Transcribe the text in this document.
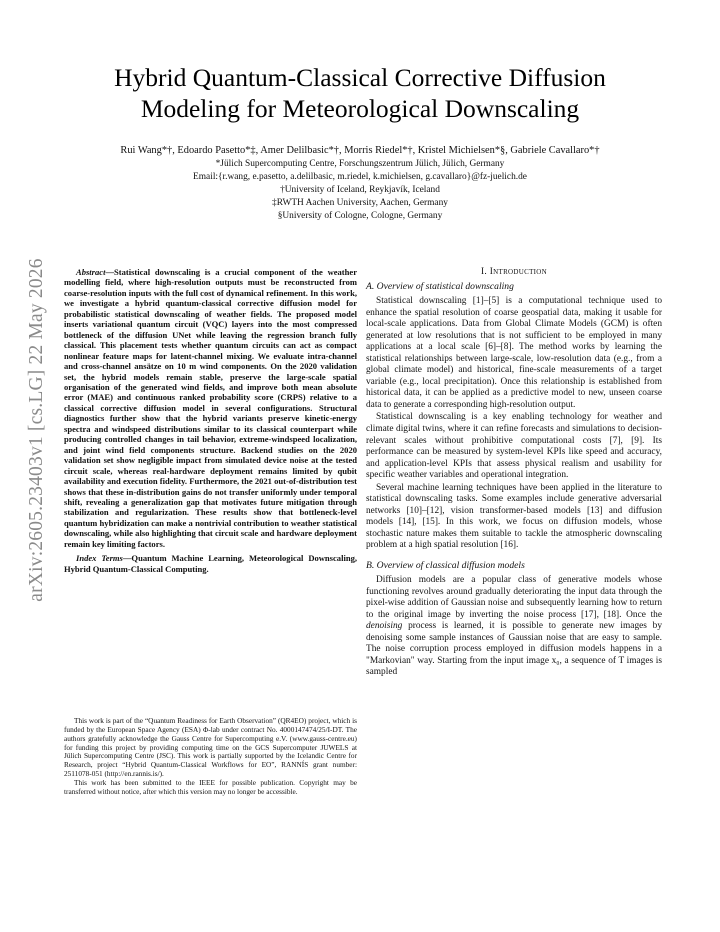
Hybrid Quantum-Classical Corrective Diffusion
Modeling for Meteorological Downscaling
Rui Wang*†, Edoardo Pasetto*‡, Amer Delilbasic*†, Morris Riedel*†, Kristel Michielsen*§, Gabriele Cavallaro*†
*Jülich Supercomputing Centre, Forschungszentrum Jülich, Jülich, Germany
Email:{r.wang, e.pasetto, a.delilbasic, m.riedel, k.michielsen, g.cavallaro}@fz-juelich.de
†University of Iceland, Reykjavík, Iceland
‡RWTH Aachen University, Aachen, Germany
§University of Cologne, Cologne, Germany
arXiv:2605.23403v1 [cs.LG] 22 May 2026	Abstract—Statistical downscaling is a crucial component of the weather modelling field, where high-resolution outputs must be reconstructed from coarse-resolution inputs with the full cost of dynamical refinement. In this work, we investigate a hybrid quantum-classical corrective diffusion model for probabilistic statistical downscaling of weather fields. The proposed model inserts variational quantum circuit (VQC) layers into the most compressed bottleneck of the diffusion UNet while leaving the regression branch fully classical. This placement tests whether quantum circuits can act as compact nonlinear feature maps for latent-channel mixing. We evaluate intra-channel and cross-channel ansätze on 10 m wind components. On the 2020 validation set, the hybrid models remain stable, preserve the large-scale spatial organisation of the generated wind fields, and improve both mean absolute error (MAE) and continuous ranked probability score (CRPS) relative to a classical corrective diffusion model in several configurations. Structural diagnostics further show that the hybrid variants preserve kinetic-energy spectra and windspeed distributions similar to its classical counterpart while producing controlled changes in tail behavior, extreme-windspeed localization, and joint wind field components structure. Backend studies on the 2020 validation set show negligible impact from simulated device noise at the tested circuit scale, whereas real-hardware deployment remains limited by qubit availability and execution fidelity. Furthermore, the 2021 out-of-distribution test shows that these in-distribution gains do not transfer uniformly under temporal shift, revealing a generalization gap that motivates future mitigation through stabilization and regularization. These results show that bottleneck-level quantum hybridization can make a nontrivial contribution to weather statistical downscaling, while also highlighting that circuit scale and hardware deployment remain key limiting factors.

Index Terms—Quantum Machine Learning, Meteorological Downscaling, Hybrid Quantum-Classical Computing.

This work is part of the “Quantum Readiness for Earth Observation” (QR4EO) project, which is funded by the European Space Agency (ESA) Φ-lab under contract No. 4000147474/25/I-DT. The authors gratefully acknowledge the Gauss Centre for Supercomputing e.V. (www.gauss-centre.eu) for funding this project by providing computing time on the GCS Supercomputer JUWELS at Jülich Supercomputing Centre (JSC). This work is partially supported by the Icelandic Centre for Research, project “Hybrid Quantum-Classical Workflows for EO”, RANNÍS grant number: 2511078-051 (http://en.rannis.is/).

This work has been submitted to the IEEE for possible publication. Copyright may be transferred without notice, after which this version may no longer be accessible.

I. Introduction
A. Overview of statistical downscaling

Statistical downscaling [1]–[5] is a computational technique used to enhance the spatial resolution of coarse geospatial data, making it usable for local-scale applications. Data from Global Climate Models (GCM) is often generated at low resolutions that is not sufficient to be employed in many applications at a local scale [6]–[8]. The method works by learning the statistical relationships between large-scale, low-resolution data (e.g., from a global climate model) and historical, fine-scale measurements of a target variable (e.g., local precipitation). Once this relationship is established from historical data, it can be applied as a predictive model to new, unseen coarse data to generate a corresponding high-resolution output.

Statistical downscaling is a key enabling technology for weather and climate digital twins, where it can refine forecasts and simulations to decision-relevant scales without prohibitive computational costs [7], [9]. Its performance can be measured by system-level KPIs like speed and accuracy, and application-level KPIs that assess physical realism and usability for specific weather variables and operational integration.

Several machine learning techniques have been applied in the literature to statistical downscaling tasks. Some examples include generative adversarial networks [10]–[12], vision transformer-based models [13] and diffusion models [14], [15]. In this work, we focus on diffusion models, whose stochastic nature makes them suitable to tackle the atmospheric downscaling problem at a high spatial resolution [16].

B. Overview of classical diffusion models

Diffusion models are a popular class of generative models whose functioning revolves around gradually deteriorating the input data through the pixel-wise addition of Gaussian noise and subsequently learning how to return to the original image by inverting the noise process [17], [18]. Once the denoising process is learned, it is possible to generate new images by denoising some sample instances of Gaussian noise that are easy to sample. The noise corruption process employed in diffusion models happens in a "Markovian" way. Starting from the input image x₀, a sequence of T images is sampled
